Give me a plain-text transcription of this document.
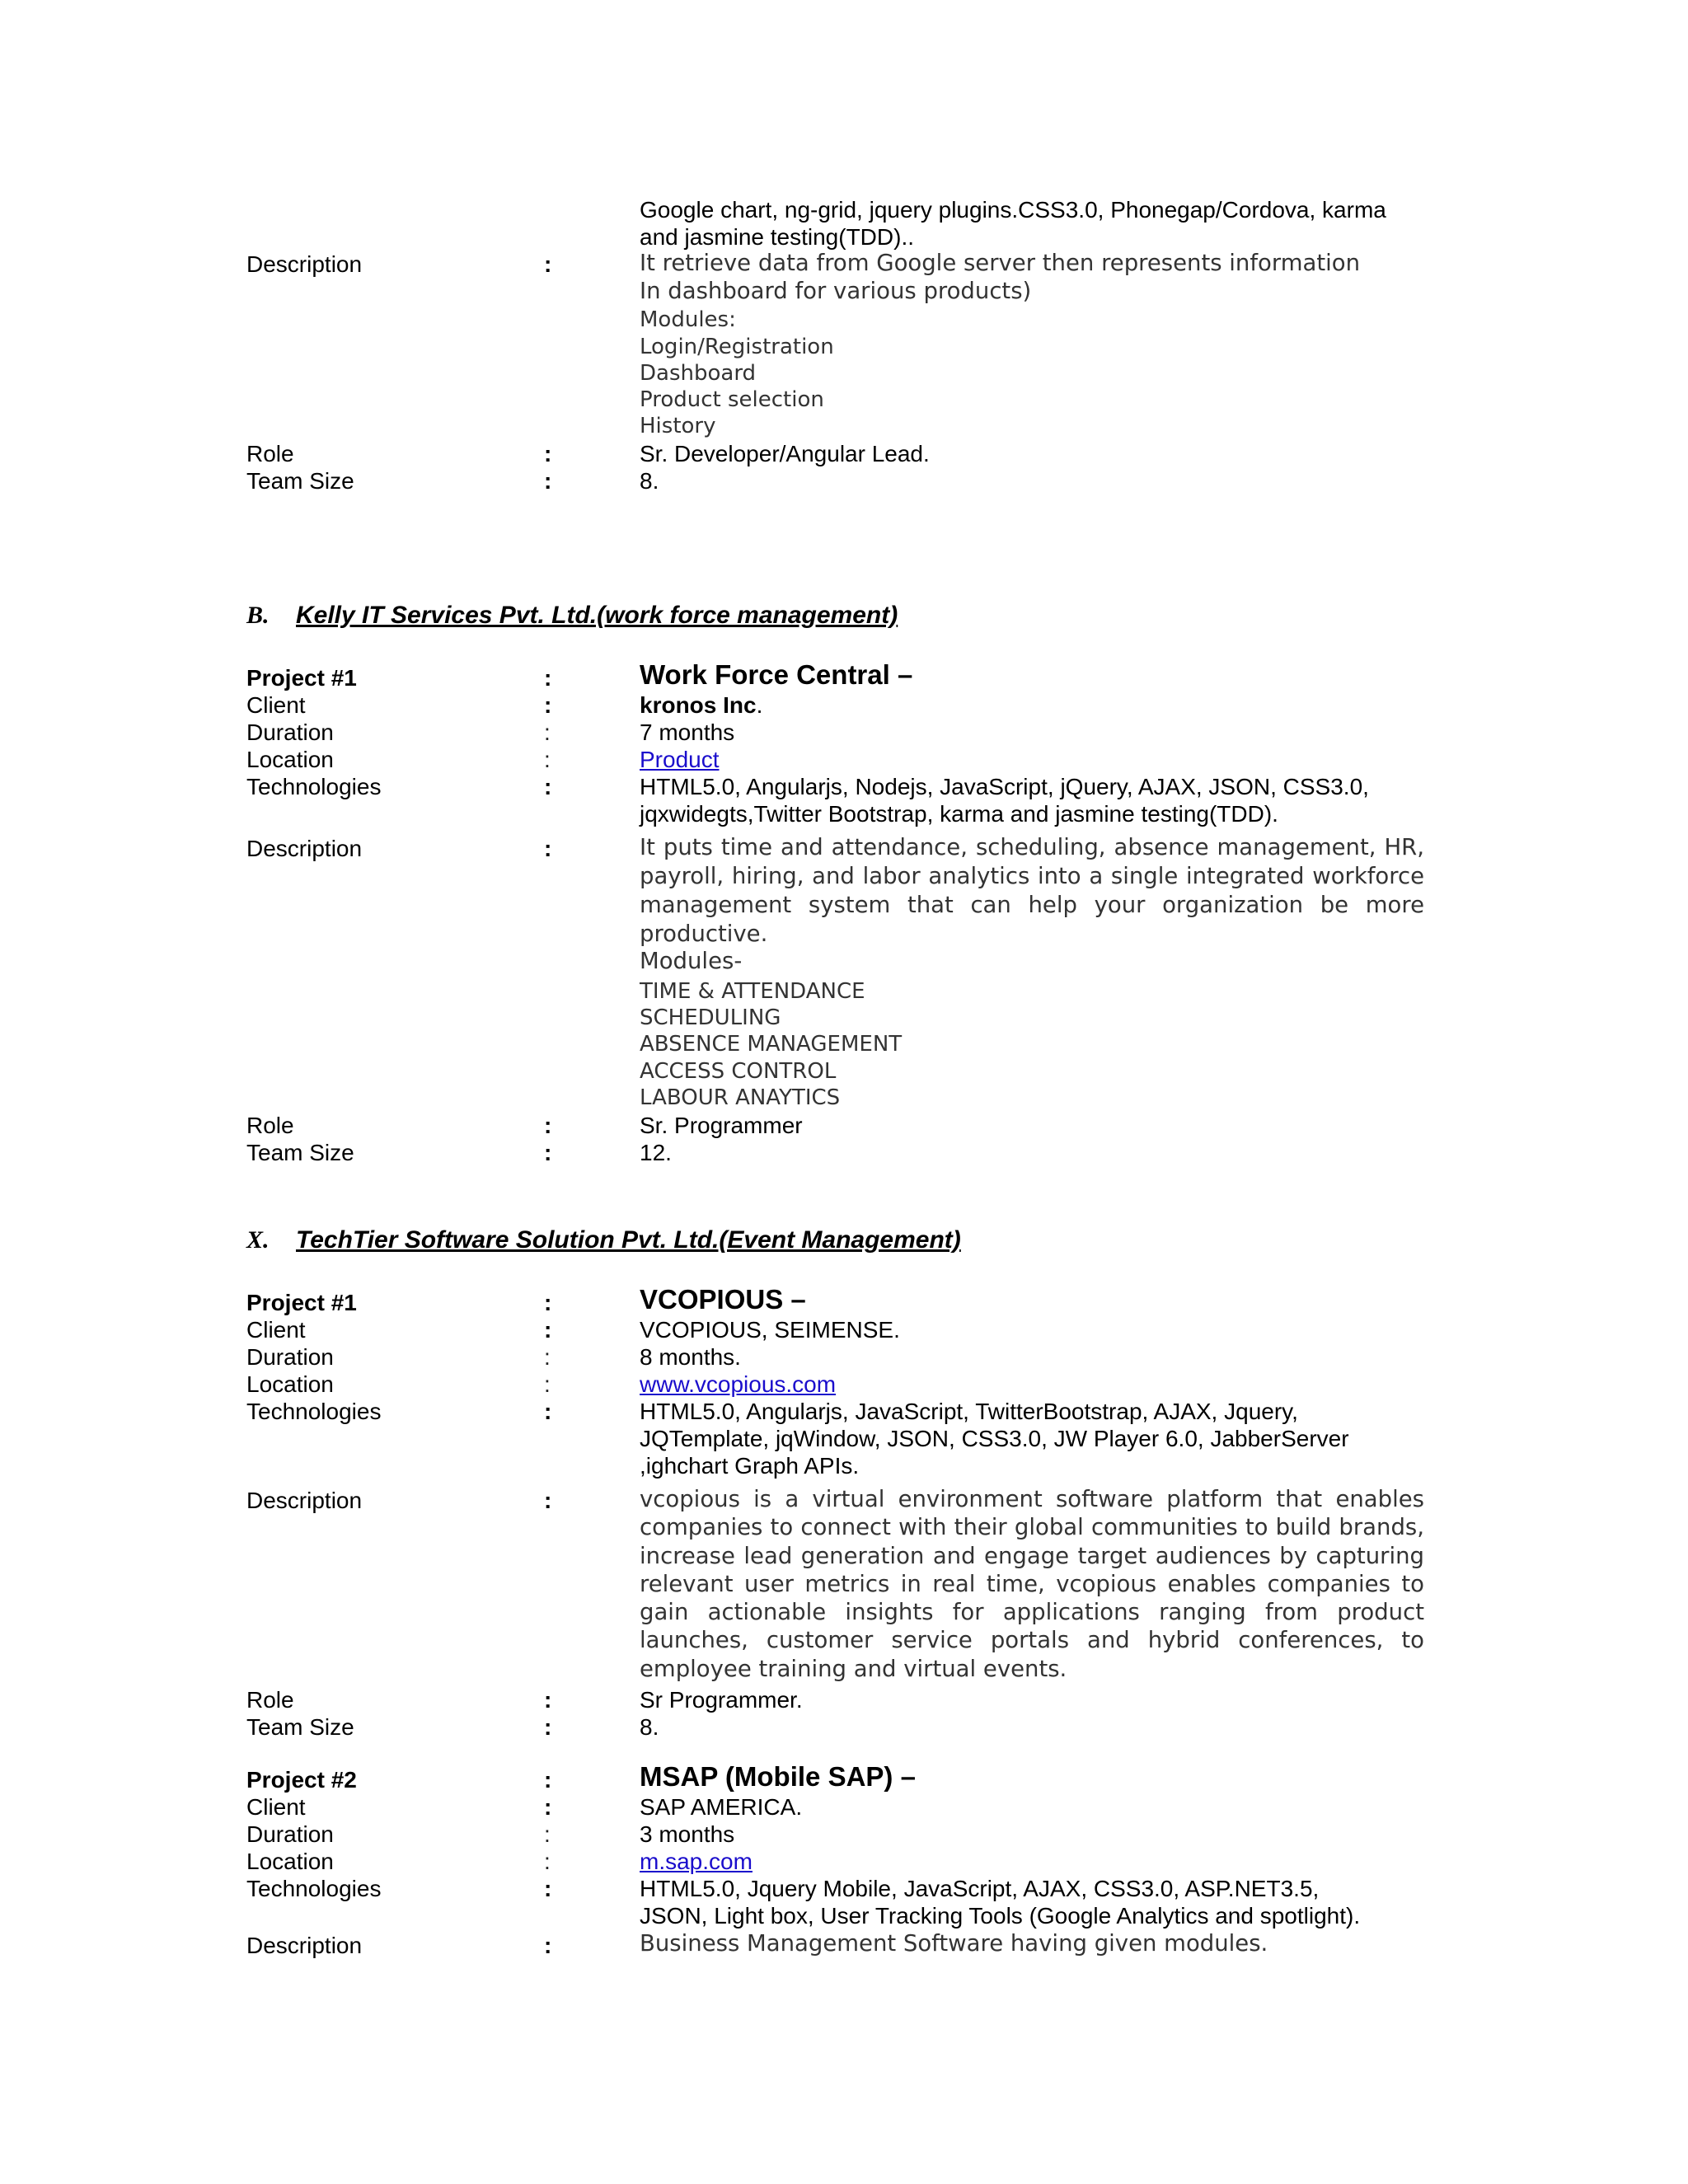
Google chart, ng-grid, jquery plugins.CSS3.0, Phonegap/Cordova, karma
and jasmine testing(TDD)..
Description	:	It retrieve data from Google server then represents information
In dashboard for various products)
Modules:
Login/Registration
Dashboard
Product selection
History
Role	:	Sr. Developer/Angular Lead.
Team Size	:	8.
B. Kelly IT Services Pvt. Ltd.(work force management)
Project #1	:	Work Force Central –
Client	:	kronos Inc.
Duration	:	7 months
Location	:	Product
Technologies	:	HTML5.0, Angularjs, Nodejs, JavaScript, jQuery, AJAX, JSON, CSS3.0,
jqxwidegts,Twitter Bootstrap, karma and jasmine testing(TDD).
Description	:	It puts time and attendance, scheduling, absence management, HR, payroll, hiring, and labor analytics into a single integrated workforce management system that can help your organization be more productive.
Modules-
TIME & ATTENDANCE
SCHEDULING
ABSENCE MANAGEMENT
ACCESS CONTROL
LABOUR ANAYTICS
Role	:	Sr. Programmer
Team Size	:	12.
X. TechTier Software Solution Pvt. Ltd.(Event Management)
Project #1	:	VCOPIOUS –
Client	:	VCOPIOUS, SEIMENSE.
Duration	:	8 months.
Location	:	www.vcopious.com
Technologies	:	HTML5.0, Angularjs, JavaScript, TwitterBootstrap, AJAX, Jquery,
JQTemplate, jqWindow, JSON, CSS3.0, JW Player 6.0, JabberServer
,ighchart Graph APIs.
Description	:	vcopious is a virtual environment software platform that enables companies to connect with their global communities to build brands, increase lead generation and engage target audiences by capturing relevant user metrics in real time, vcopious enables companies to gain actionable insights for applications ranging from product launches, customer service portals and hybrid conferences, to employee training and virtual events.
Role	:	Sr Programmer.
Team Size	:	8.
Project #2	:	MSAP (Mobile SAP) –
Client	:	SAP AMERICA.
Duration	:	3 months
Location	:	m.sap.com
Technologies	:	HTML5.0, Jquery Mobile, JavaScript, AJAX, CSS3.0, ASP.NET3.5,
JSON, Light box, User Tracking Tools (Google Analytics and spotlight).
Description	:	Business Management Software having given modules.
